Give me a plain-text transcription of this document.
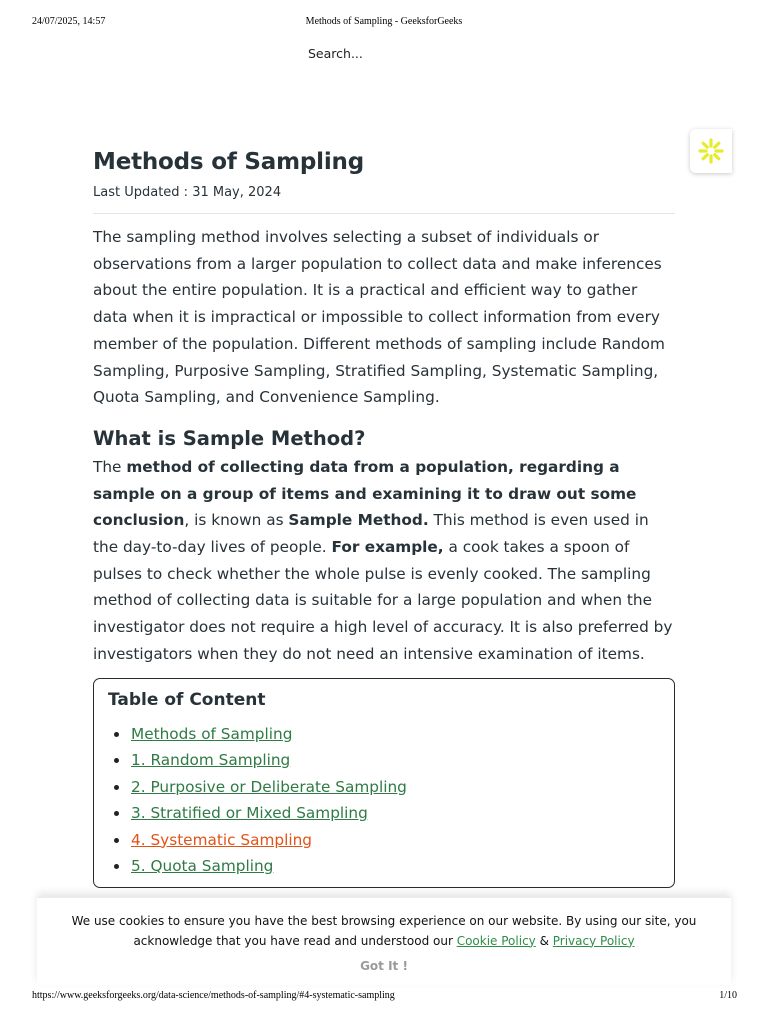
24/07/2025, 14:57	Methods of Sampling - GeeksforGeeks
Search...
Methods of Sampling
Last Updated : 31 May, 2024

The sampling method involves selecting a subset of individuals or observations from a larger population to collect data and make inferences about the entire population. It is a practical and efficient way to gather data when it is impractical or impossible to collect information from every member of the population. Different methods of sampling include Random Sampling, Purposive Sampling, Stratified Sampling, Systematic Sampling, Quota Sampling, and Convenience Sampling.

What is Sample Method?

The method of collecting data from a population, regarding a sample on a group of items and examining it to draw out some conclusion, is known as Sample Method. This method is even used in the day-to-day lives of people. For example, a cook takes a spoon of pulses to check whether the whole pulse is evenly cooked. The sampling method of collecting data is suitable for a large population and when the investigator does not require a high level of accuracy. It is also preferred by investigators when they do not need an intensive examination of items.

Table of Content
Methods of Sampling
1. Random Sampling
2. Purposive or Deliberate Sampling
3. Stratified or Mixed Sampling
4. Systematic Sampling
5. Quota Sampling
We use cookies to ensure you have the best browsing experience on our website. By using our site, you acknowledge that you have read and understood our Cookie Policy & Privacy Policy
Got It !
https://www.geeksforgeeks.org/data-science/methods-of-sampling/#4-systematic-sampling	1/10
